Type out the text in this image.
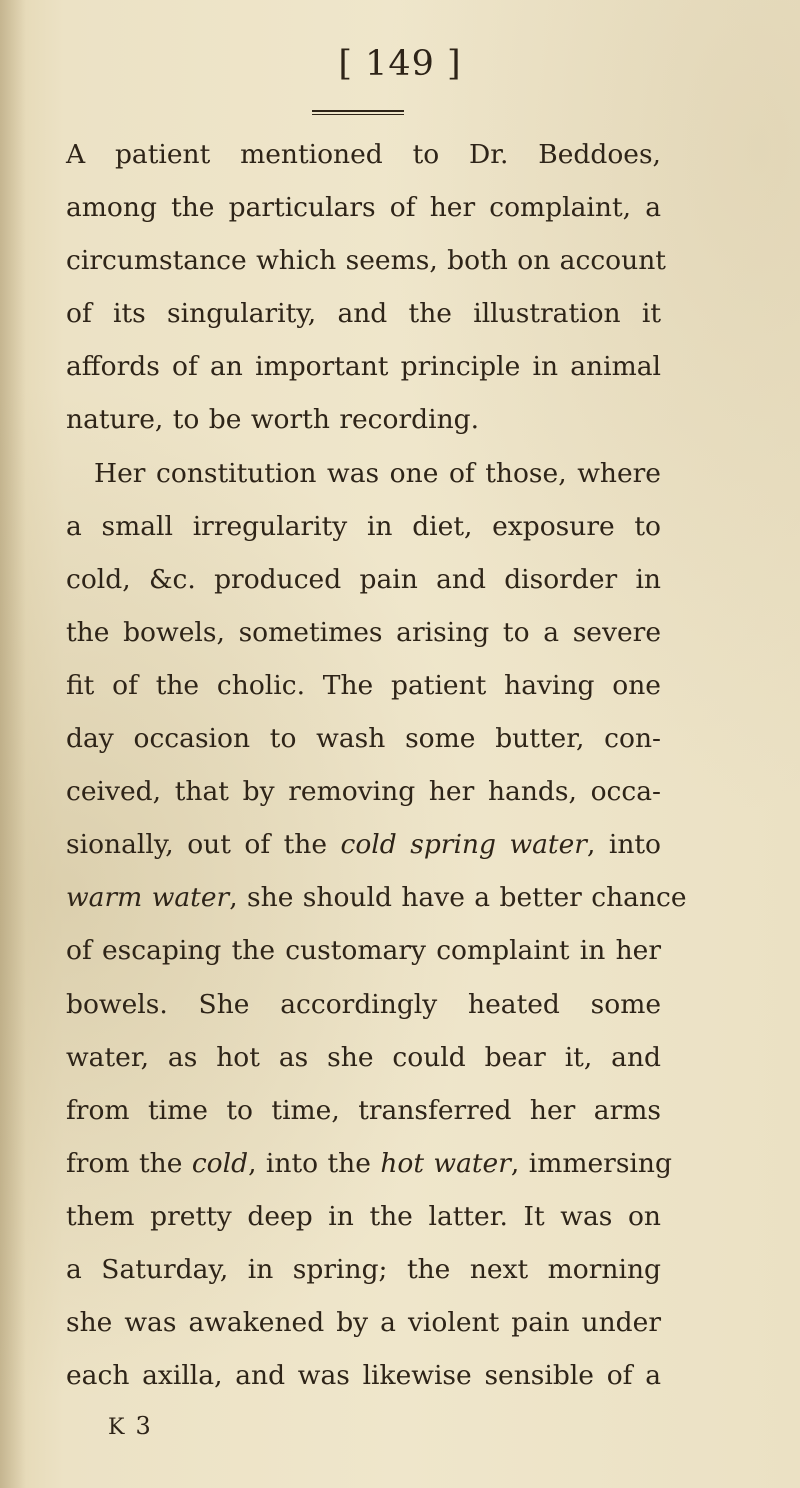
[ 149 ]
A patient mentioned to Dr. Beddoes,
among the particulars of her complaint, a
circumstance which seems, both on account
of its singularity, and the illustration it
affords of an important principle in animal
nature, to be worth recording.
Her constitution was one of those, where
a small irregularity in diet, exposure to
cold, &c. produced pain and disorder in
the bowels, sometimes arising to a severe
fit of the cholic. The patient having one
day occasion to wash some butter, con-
ceived, that by removing her hands, occa-
sionally, out of the cold spring water, into
warm water, she should have a better chance
of escaping the customary complaint in her
bowels. She accordingly heated some
water, as hot as she could bear it, and
from time to time, transferred her arms
from the cold, into the hot water, immersing
them pretty deep in the latter. It was on
a Saturday, in spring; the next morning
she was awakened by a violent pain under
each axilla, and was likewise sensible of a
K 3
